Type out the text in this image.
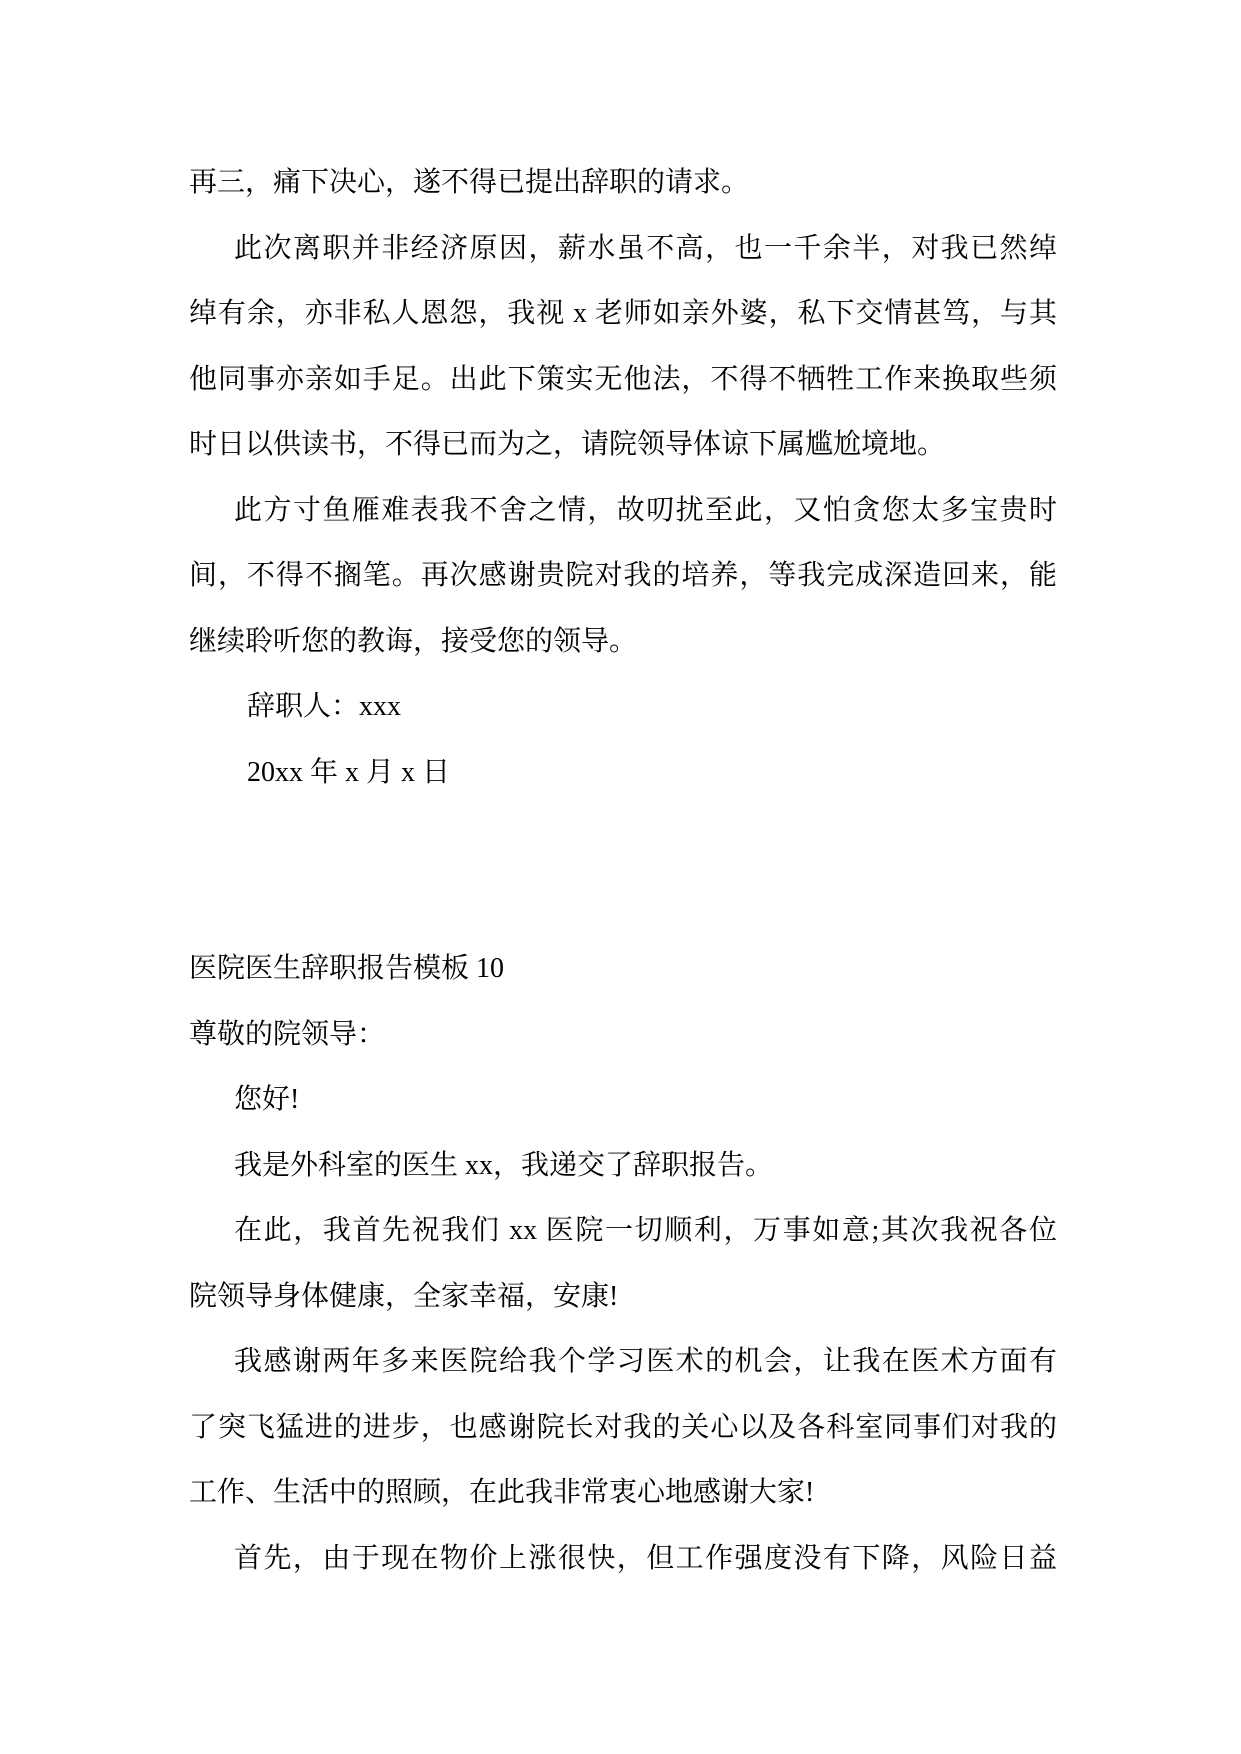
再三，痛下决心，遂不得已提出辞职的请求。
此次离职并非经济原因，薪水虽不高，也一千余半，对我已然绰
绰有余，亦非私人恩怨，我视 x 老师如亲外婆，私下交情甚笃，与其
他同事亦亲如手足。出此下策实无他法，不得不牺牲工作来换取些须
时日以供读书，不得已而为之，请院领导体谅下属尴尬境地。
此方寸鱼雁难表我不舍之情，故叨扰至此，又怕贪您太多宝贵时
间，不得不搁笔。再次感谢贵院对我的培养，等我完成深造回来，能
继续聆听您的教诲，接受您的领导。
辞职人：xxx
20xx 年 x 月 x 日
医院医生辞职报告模板 10
尊敬的院领导：
您好!
我是外科室的医生 xx，我递交了辞职报告。
在此，我首先祝我们 xx 医院一切顺利，万事如意;其次我祝各位
院领导身体健康，全家幸福，安康!
我感谢两年多来医院给我个学习医术的机会，让我在医术方面有
了突飞猛进的进步，也感谢院长对我的关心以及各科室同事们对我的
工作、生活中的照顾，在此我非常衷心地感谢大家!
首先，由于现在物价上涨很快，但工作强度没有下降，风险日益
